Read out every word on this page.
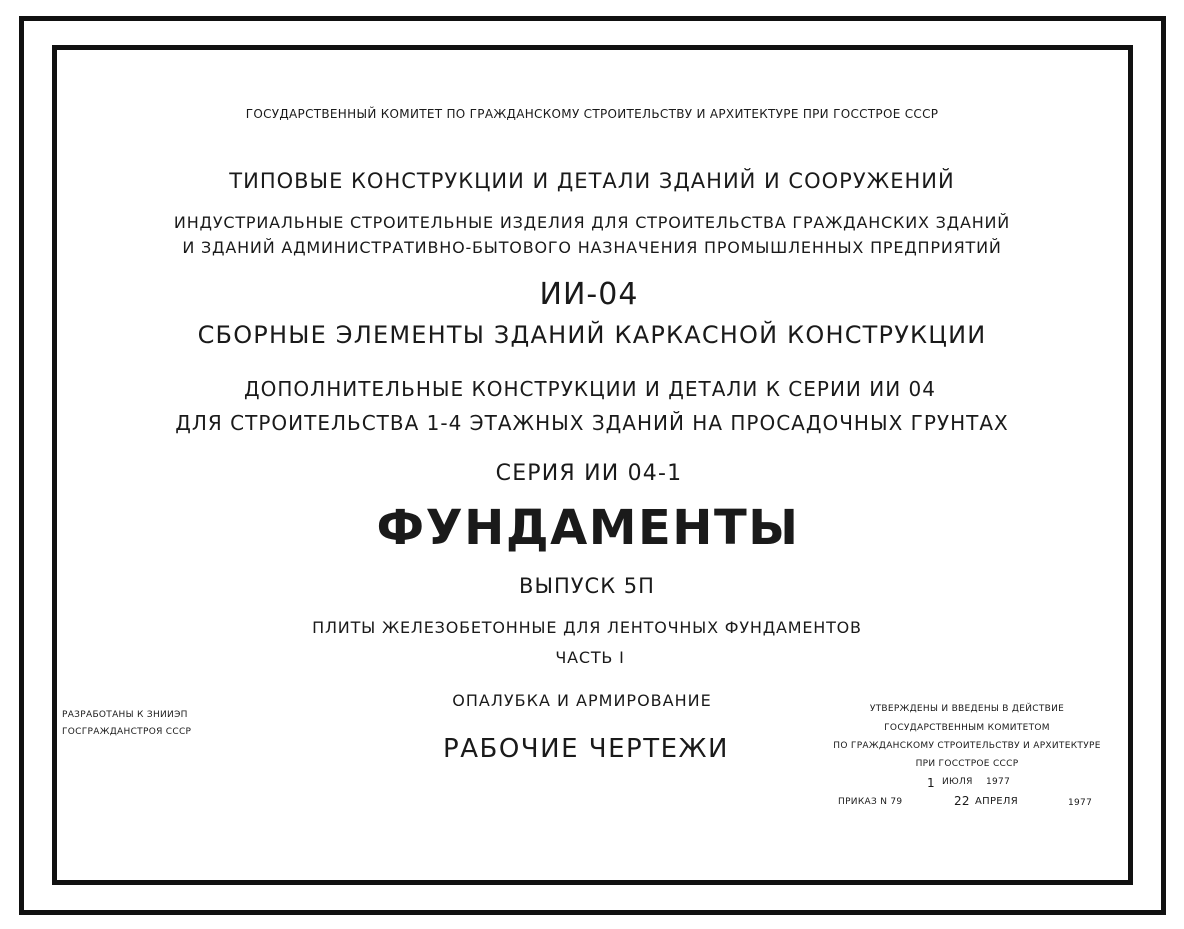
ГОСУДАРСТВЕННЫЙ КОМИТЕТ ПО ГРАЖДАНСКОМУ СТРОИТЕЛЬСТВУ И АРХИТЕКТУРЕ ПРИ ГОССТРОЕ СССР
ТИПОВЫЕ КОНСТРУКЦИИ И ДЕТАЛИ ЗДАНИЙ И СООРУЖЕНИЙ
ИНДУСТРИАЛЬНЫЕ СТРОИТЕЛЬНЫЕ ИЗДЕЛИЯ ДЛЯ СТРОИТЕЛЬСТВА ГРАЖДАНСКИХ ЗДАНИЙ
И ЗДАНИЙ АДМИНИСТРАТИВНО-БЫТОВОГО НАЗНАЧЕНИЯ ПРОМЫШЛЕННЫХ ПРЕДПРИЯТИЙ
ИИ-04
СБОРНЫЕ ЭЛЕМЕНТЫ ЗДАНИЙ КАРКАСНОЙ КОНСТРУКЦИИ
ДОПОЛНИТЕЛЬНЫЕ КОНСТРУКЦИИ И ДЕТАЛИ К СЕРИИ ИИ 04
ДЛЯ СТРОИТЕЛЬСТВА 1-4 ЭТАЖНЫХ ЗДАНИЙ НА ПРОСАДОЧНЫХ ГРУНТАХ
СЕРИЯ ИИ 04-1
ФУНДАМЕНТЫ
ВЫПУСК 5П
ПЛИТЫ ЖЕЛЕЗОБЕТОННЫЕ ДЛЯ ЛЕНТОЧНЫХ ФУНДАМЕНТОВ
ЧАСТЬ I
ОПАЛУБКА И АРМИРОВАНИЕ
РАБОЧИЕ ЧЕРТЕЖИ
РАЗРАБОТАНЫ К ЗНИИЭП
ГОСГРАЖДАНСТРОЯ СССР
УТВЕРЖДЕНЫ И ВВЕДЕНЫ В ДЕЙСТВИЕ
ГОСУДАРСТВЕННЫМ КОМИТЕТОМ
ПО ГРАЖДАНСКОМУ СТРОИТЕЛЬСТВУ И АРХИТЕКТУРЕ
ПРИ ГОССТРОЕ СССР
1 ИЮЛЯ 1977
ПРИКАЗ N 79	22 АПРЕЛЯ	1977
